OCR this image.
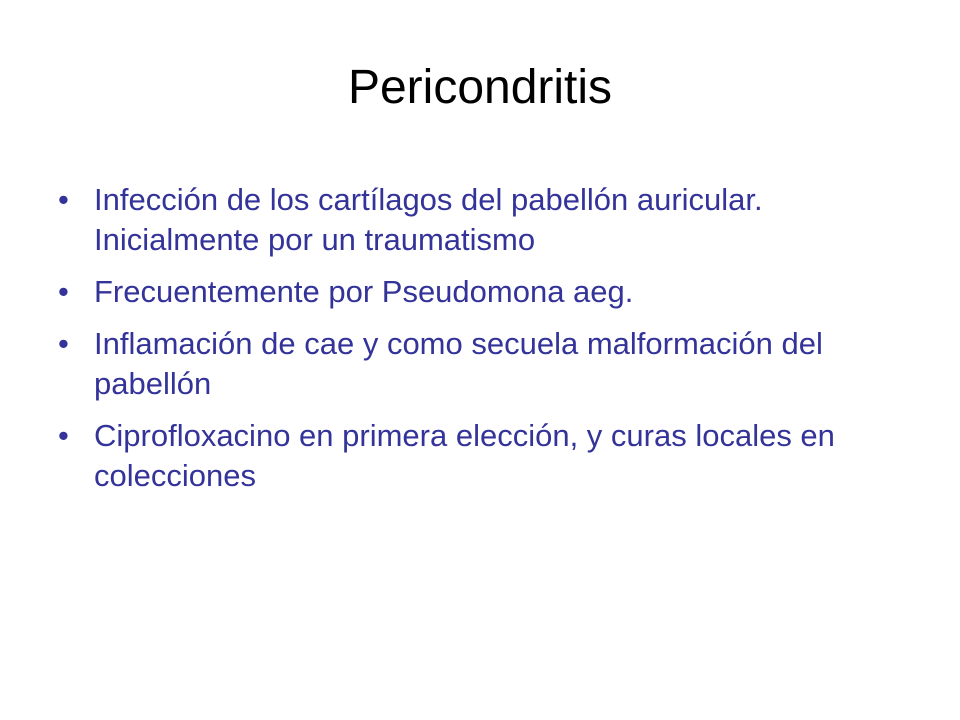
Pericondritis
• Infección de los cartílagos del pabellón auricular. Inicialmente por un traumatismo
• Frecuentemente por Pseudomona aeg.
• Inflamación de cae y como secuela malformación del pabellón
• Ciprofloxacino en primera elección, y curas locales en colecciones
